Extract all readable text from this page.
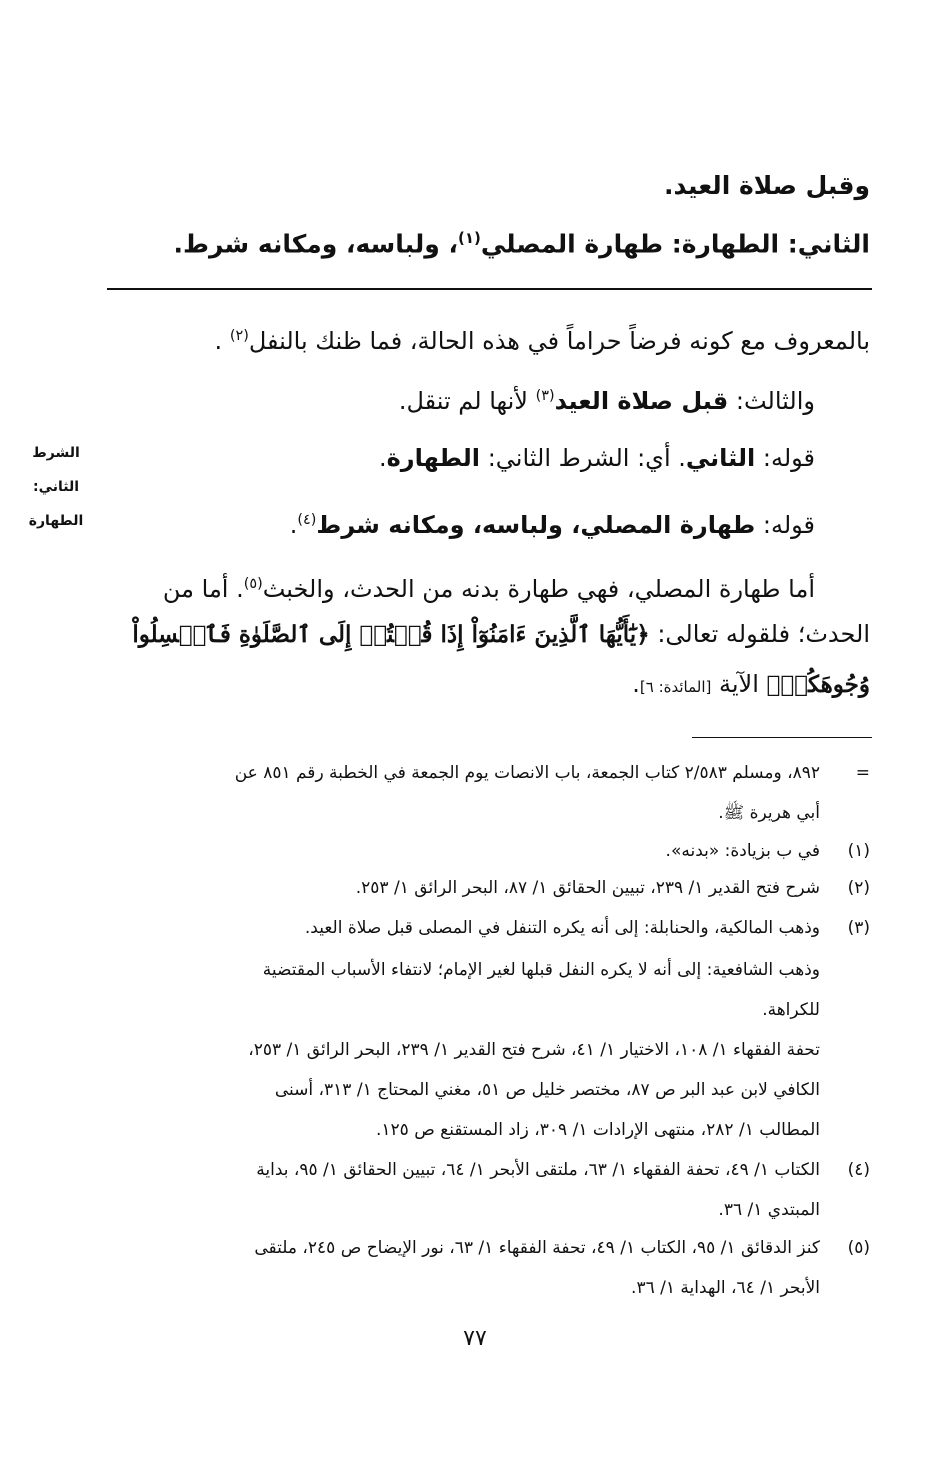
وقبل صلاة العيد.
الثاني: الطهارة: طهارة المصلي$^{(١)}$، ولباسه، ومكانه شرط.
بالمعروف مع كونه فرضاً حراماً في هذه الحالة، فما ظنك بالنفل$^{(٢)}$ .
والثالث: قبل صلاة العيد$^{(٣)}$ لأنها لم تنقل.
قوله: الثاني. أي: الشرط الثاني: الطهارة.
قوله: طهارة المصلي، ولباسه، ومكانه شرط$^{(٤)}$.
أما طهارة المصلي، فهي طهارة بدنه من الحدث، والخبث$^{(٥)}$. أما من
الحدث؛ فلقوله تعالى: ﴿يَٰٓأَيُّهَا ٱلَّذِينَ ءَامَنُوٓاْ إِذَا قُمۡتُمۡ إِلَى ٱلصَّلَوٰةِ فَٱغۡسِلُواْ
وُجُوهَكُمۡ﴾ الآية [المائدة: ٦].
الشرط
الثاني:
الطهارة
=
٨٩٢، ومسلم ٢/٥٨٣ كتاب الجمعة، باب الانصات يوم الجمعة في الخطبة رقم ٨٥١ عن
أبي هريرة ﷺ.
(١)
في ب بزيادة: «بدنه».
(٢)
شرح فتح القدير ١/ ٢٣٩، تبيين الحقائق ١/ ٨٧، البحر الرائق ١/ ٢٥٣.
(٣)
وذهب المالكية، والحنابلة: إلى أنه يكره التنفل في المصلى قبل صلاة العيد.
وذهب الشافعية: إلى أنه لا يكره النفل قبلها لغير الإمام؛ لانتفاء الأسباب المقتضية
للكراهة.
تحفة الفقهاء ١/ ١٠٨، الاختيار ١/ ٤١، شرح فتح القدير ١/ ٢٣٩، البحر الرائق ١/ ٢٥٣،
الكافي لابن عبد البر ص ٨٧، مختصر خليل ص ٥١، مغني المحتاج ١/ ٣١٣، أسنى
المطالب ١/ ٢٨٢، منتهى الإرادات ١/ ٣٠٩، زاد المستقنع ص ١٢٥.
(٤)
الكتاب ١/ ٤٩، تحفة الفقهاء ١/ ٦٣، ملتقى الأبحر ١/ ٦٤، تبيين الحقائق ١/ ٩٥، بداية
المبتدي ١/ ٣٦.
(٥)
كنز الدقائق ١/ ٩٥، الكتاب ١/ ٤٩، تحفة الفقهاء ١/ ٦٣، نور الإيضاح ص ٢٤٥، ملتقى
الأبحر ١/ ٦٤، الهداية ١/ ٣٦.
٧٧
